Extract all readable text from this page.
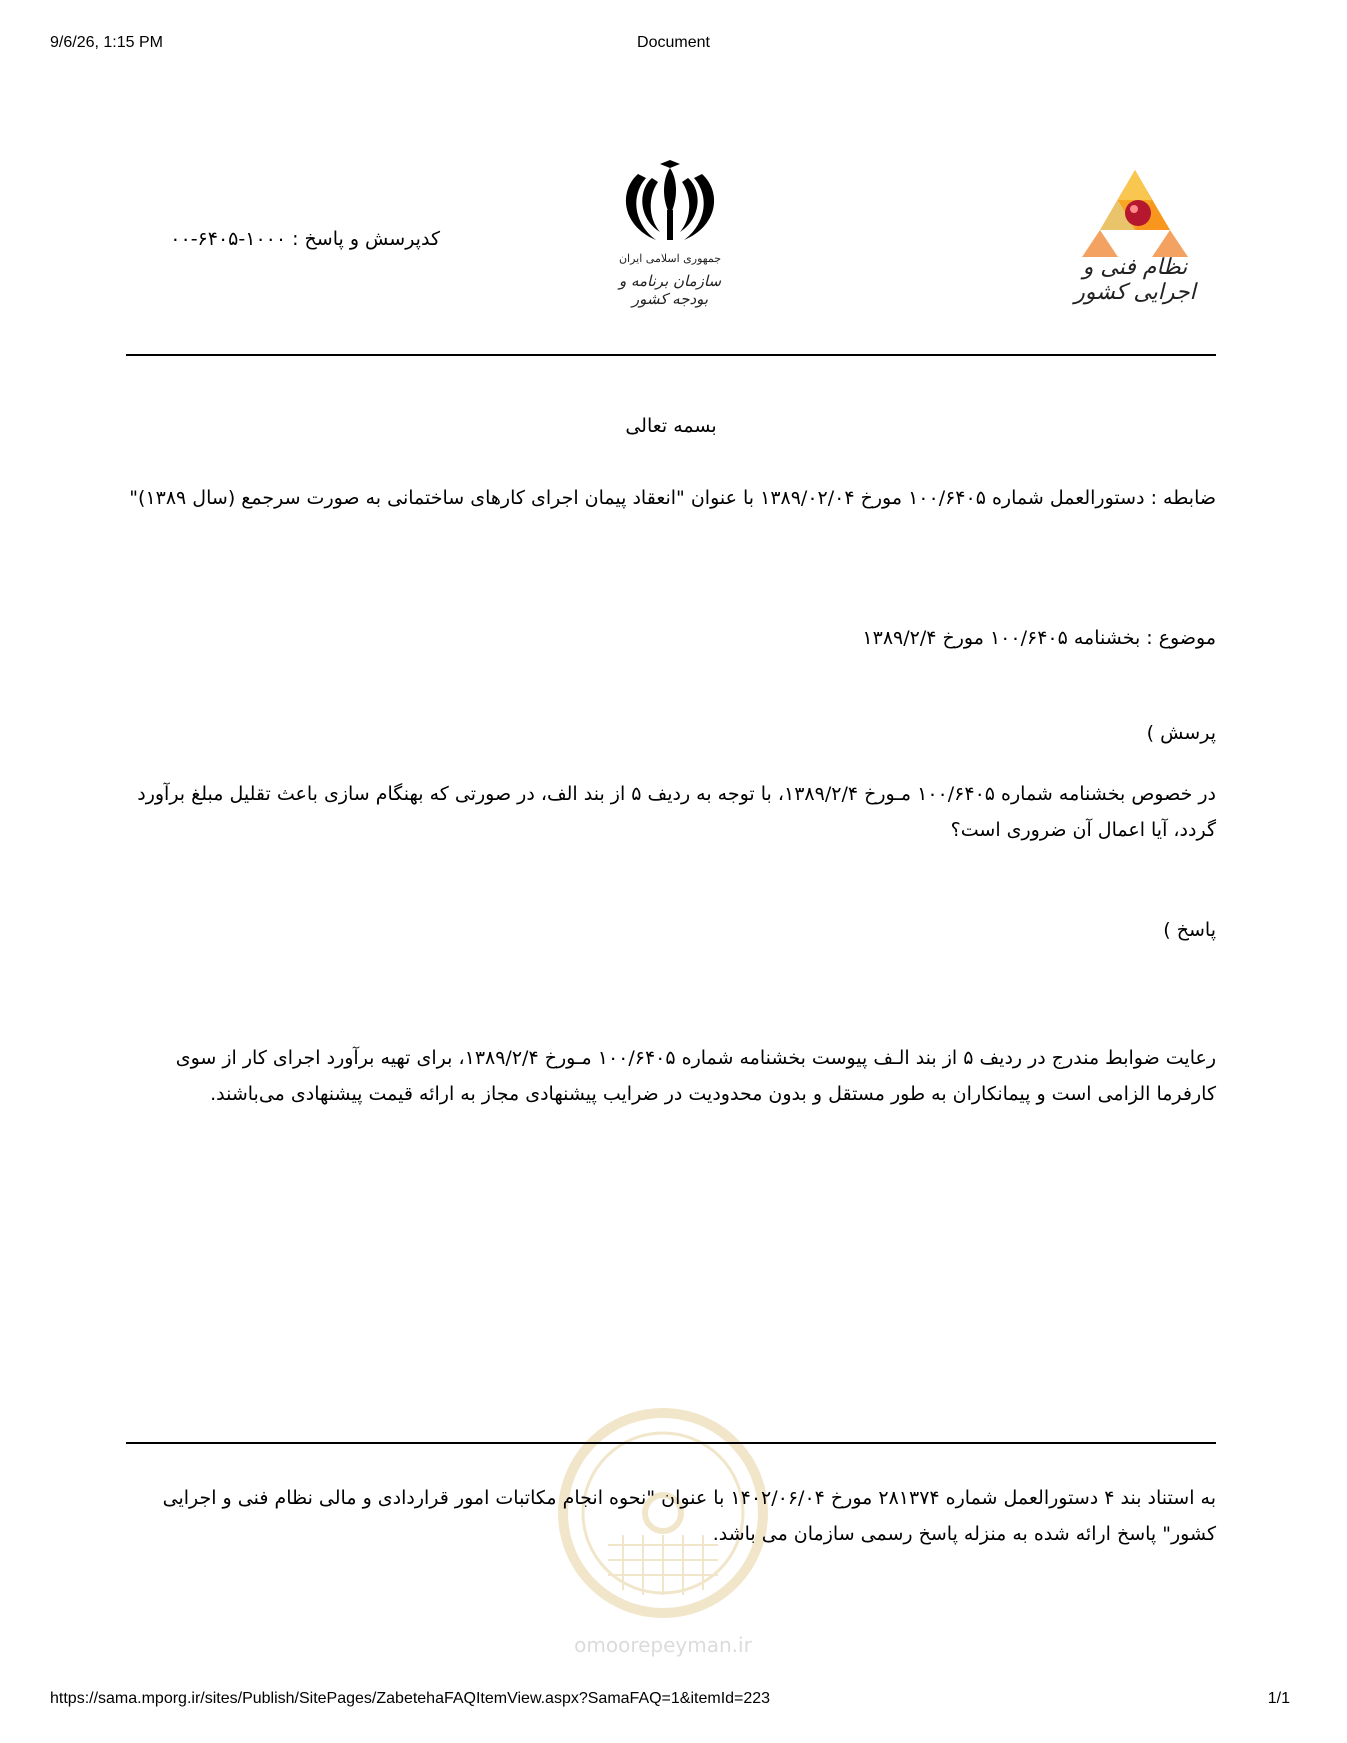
9/6/26, 1:15 PM	Document
نظام فنی و اجرایی کشور
جمهوری اسلامی ایران
سازمان برنامه و بودجه کشور
کدپرسش و پاسخ : ۱۰۰۰-۶۴۰۵-۰۰
بسمه تعالی
ضابطه : دستورالعمل شماره ۱۰۰/۶۴۰۵ مورخ ۱۳۸۹/۰۲/۰۴ با عنوان "انعقاد پیمان اجرای کارهای ساختمانی به صورت سرجمع (سال ۱۳۸۹)"
موضوع : بخشنامه ۱۰۰/۶۴۰۵ مورخ ۱۳۸۹/۲/۴
پرسش )
در خصوص بخشنامه شماره ۱۰۰/۶۴۰۵ مـورخ ۱۳۸۹/۲/۴، با توجه به ردیف ۵ از بند الف، در صورتی که بهنگام سازی باعث تقلیل مبلغ برآورد گردد، آیا اعمال آن ضروری است؟
پاسخ )
رعایت ضوابط مندرج در ردیف ۵ از بند الـف پیوست بخشنامه شماره ۱۰۰/۶۴۰۵ مـورخ ۱۳۸۹/۲/۴، برای تهیه برآورد اجرای کار از سوی کارفرما الزامی است و پیمانکاران به طور مستقل و بدون محدودیت در ضرایب پیشنهادی مجاز به ارائه قیمت پیشنهادی می‌باشند.
omoorepeyman.ir
به استناد بند ۴ دستورالعمل شماره ۲۸۱۳۷۴ مورخ ۱۴۰۲/۰۶/۰۴ با عنوان "نحوه انجام مکاتبات امور قراردادی و مالی نظام فنی و اجرایی کشور" پاسخ ارائه شده به منزله پاسخ رسمی سازمان می باشد.
https://sama.mporg.ir/sites/Publish/SitePages/ZabetehaFAQItemView.aspx?SamaFAQ=1&itemId=223	1/1
